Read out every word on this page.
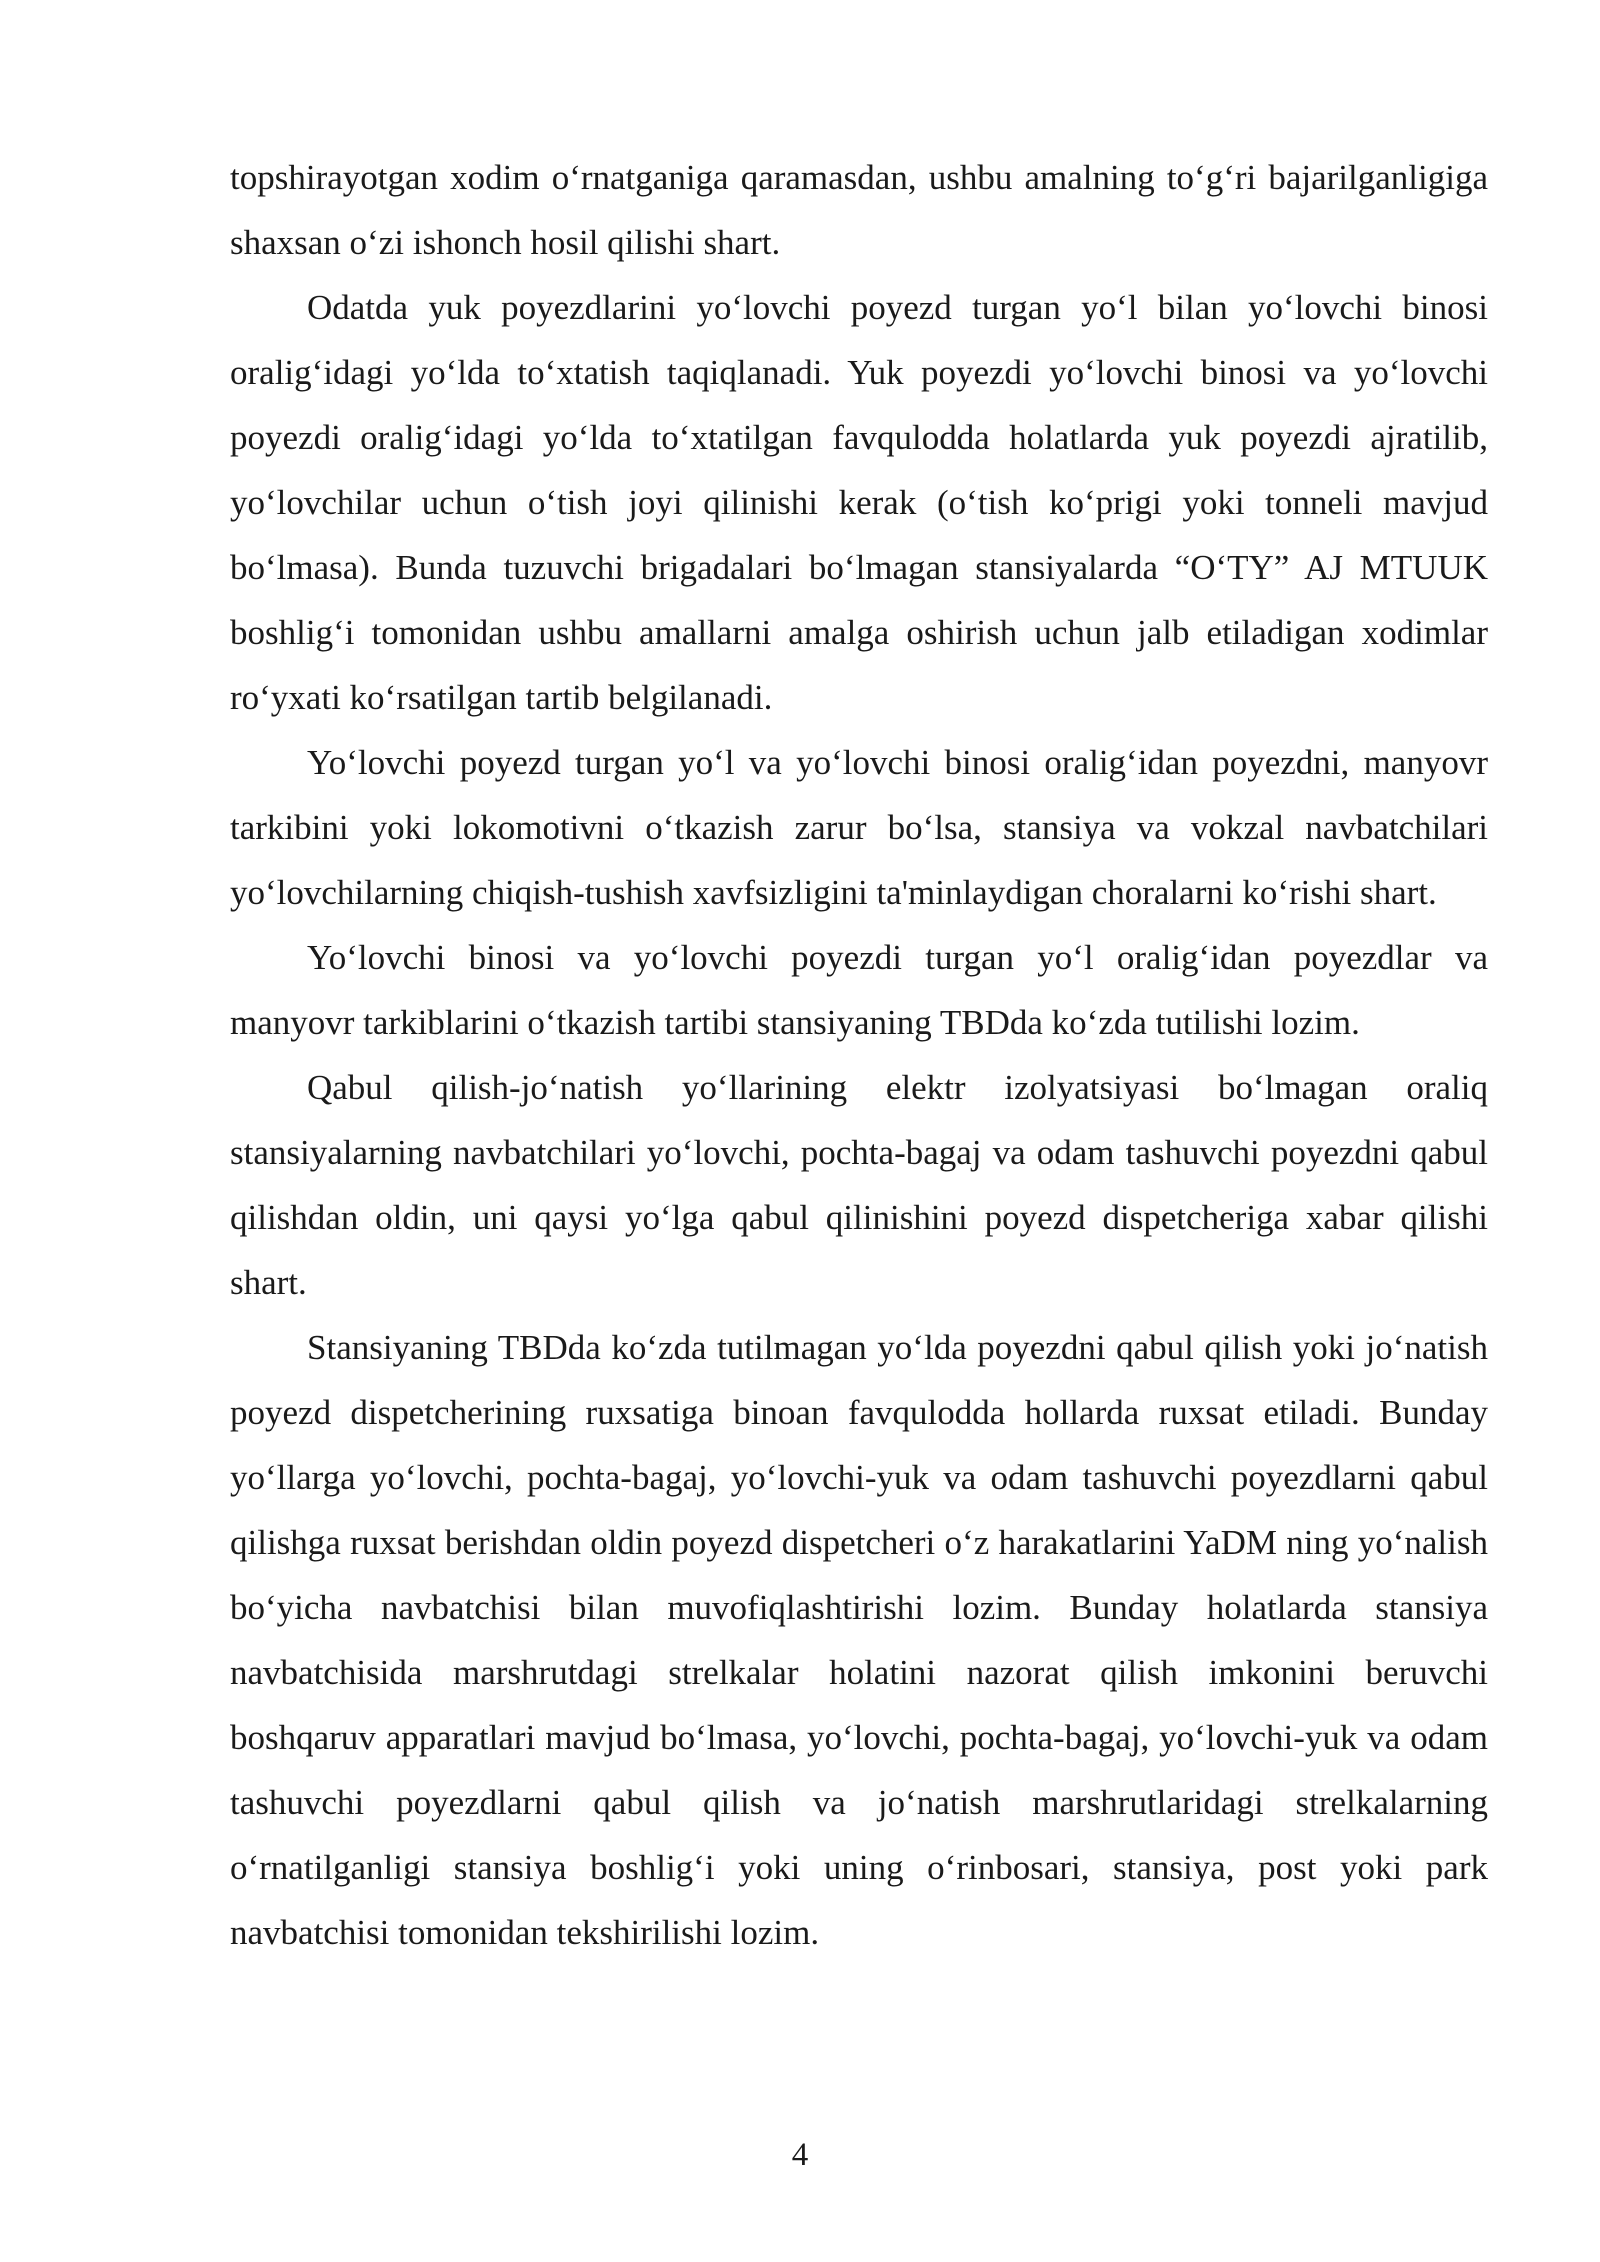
topshirayotgan xodim o‘rnatganiga qaramasdan, ushbu amalning to‘g‘ri bajarilganligiga shaxsan o‘zi ishonch hosil qilishi shart.

Odatda yuk poyezdlarini yo‘lovchi poyezd turgan yo‘l bilan yo‘lovchi binosi oralig‘idagi yo‘lda to‘xtatish taqiqlanadi. Yuk poyezdi yo‘lovchi binosi va yo‘lovchi poyezdi oralig‘idagi yo‘lda to‘xtatilgan favqulodda holatlarda yuk poyezdi ajratilib, yo‘lovchilar uchun o‘tish joyi qilinishi kerak (o‘tish ko‘prigi yoki tonneli mavjud bo‘lmasa). Bunda tuzuvchi brigadalari bo‘lmagan stansiyalarda “O‘TY” AJ MTUUK boshlig‘i tomonidan ushbu amallarni amalga oshirish uchun jalb etiladigan xodimlar ro‘yxati ko‘rsatilgan tartib belgilanadi.

Yo‘lovchi poyezd turgan yo‘l va yo‘lovchi binosi oralig‘idan poyezdni, manyovr tarkibini yoki lokomotivni o‘tkazish zarur bo‘lsa, stansiya va vokzal navbatchilari yo‘lovchilarning chiqish-tushish xavfsizligini ta'minlaydigan choralarni ko‘rishi shart.

Yo‘lovchi binosi va yo‘lovchi poyezdi turgan yo‘l oralig‘idan poyezdlar va manyovr tarkiblarini o‘tkazish tartibi stansiyaning TBDda ko‘zda tutilishi lozim.

Qabul qilish-jo‘natish yo‘llarining elektr izolyatsiyasi bo‘lmagan oraliq stansiyalarning navbatchilari yo‘lovchi, pochta-bagaj va odam tashuvchi poyezdni qabul qilishdan oldin, uni qaysi yo‘lga qabul qilinishini poyezd dispetcheriga xabar qilishi shart.

Stansiyaning TBDda ko‘zda tutilmagan yo‘lda poyezdni qabul qilish yoki jo‘natish poyezd dispetcherining ruxsatiga binoan favqulodda hollarda ruxsat etiladi. Bunday yo‘llarga yo‘lovchi, pochta-bagaj, yo‘lovchi-yuk va odam tashuvchi poyezdlarni qabul qilishga ruxsat berishdan oldin poyezd dispetcheri o‘z harakatlarini YaDM ning yo‘nalish bo‘yicha navbatchisi bilan muvofiqlashtirishi lozim. Bunday holatlarda stansiya navbatchisida marshrutdagi strelkalar holatini nazorat qilish imkonini beruvchi boshqaruv apparatlari mavjud bo‘lmasa, yo‘lovchi, pochta-bagaj, yo‘lovchi-yuk va odam tashuvchi poyezdlarni qabul qilish va jo‘natish marshrutlaridagi strelkalarning o‘rnatilganligi stansiya boshlig‘i yoki uning o‘rinbosari, stansiya, post yoki park navbatchisi tomonidan tekshirilishi lozim.

4
